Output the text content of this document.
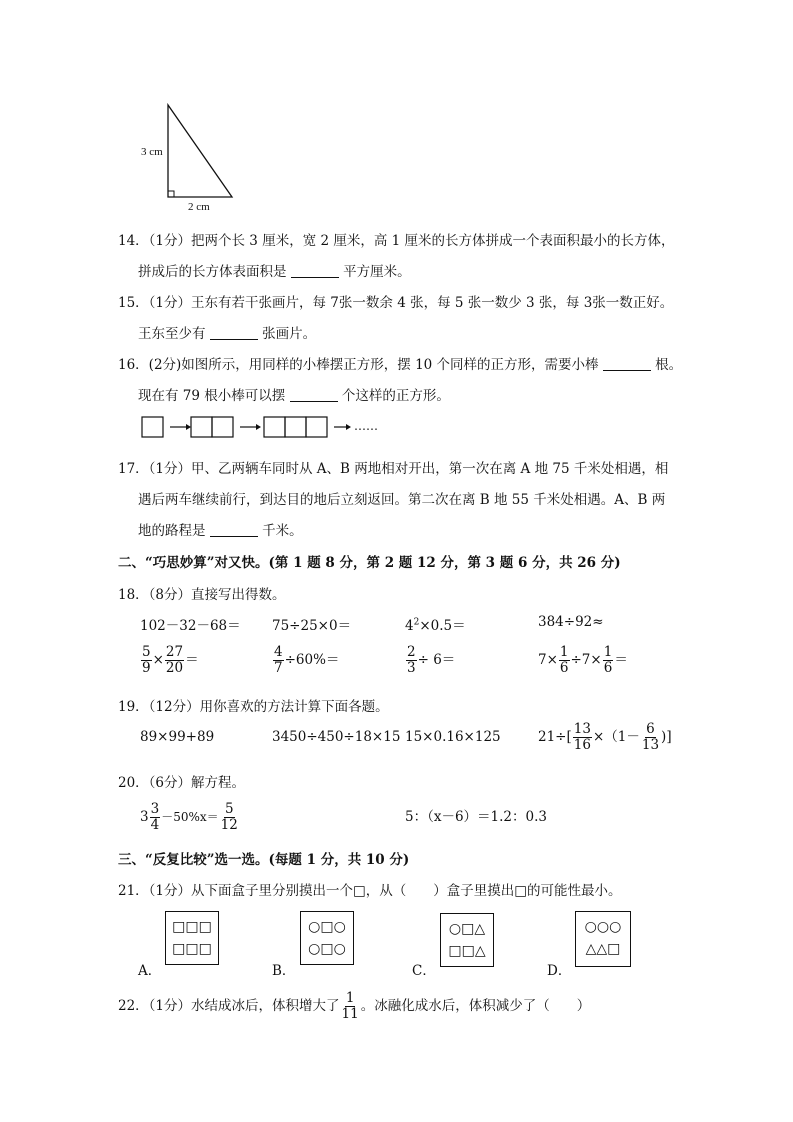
3 cm
2 cm
14．（1分）把两个长 3 厘米，宽 2 厘米，高 1 厘米的长方体拼成一个表面积最小的长方体，
拼成后的长方体表面积是	平方厘米。
15．（1分）王东有若干张画片，每 7张一数余 4 张，每 5 张一数少 3 张，每 3张一数正好。
王东至少有	张画片。
16．(2分)如图所示，用同样的小棒摆正方形，摆 10 个同样的正方形，需要小棒	根。
现在有 79 根小棒可以摆	个这样的正方形。
……
17．（1分）甲、乙两辆车同时从 A、B 两地相对开出，第一次在离 A 地 75 千米处相遇，相
遇后两车继续前行，到达目的地后立刻返回。第二次在离 B 地 55 千米处相遇。A、B 两
地的路程是	千米。
二、“巧思妙算”对又快。(第 1 题 8 分，第 2 题 12 分，第 3 题 6 分，共 26 分)
18．（8分）直接写出得数。
102－32－68＝ 75÷25×0＝	$4^2\times 0.5=$	384÷92≈
$\frac{5}{9} \times \frac{27}{20}$ ＝	$\frac{4}{7} \div 60\%=$	$\frac{2}{3} \div 6=$	$7\times \frac{1}{6} \div 7\times \frac{1}{6}$ ＝
19．（12分）用你喜欢的方法计算下面各题。
89×99+89	3450÷450÷18×15 15×0.16×125	$21\div[ \frac{13}{16} \times(1- \frac{6}{13}$ )]
20．（6分）解方程。
$3 \frac{3}{4} -50\%x= \frac{5}{12}$	5：（x－6）＝1.2：0.3
三、“反复比较”选一选。(每题 1 分，共 10 分)
21．（1分）从下面盒子里分别摸出一个□，从（　　）盒子里摸出□的可能性最小。
A．
□□□
□□□
B．
○□○
○□○
C．
○□△
□□△
D．
○○○
△△□
22．（1分）水结成冰后，体积增大了 $\frac{1}{11}$ 。冰融化成水后，体积减少了（　　）
